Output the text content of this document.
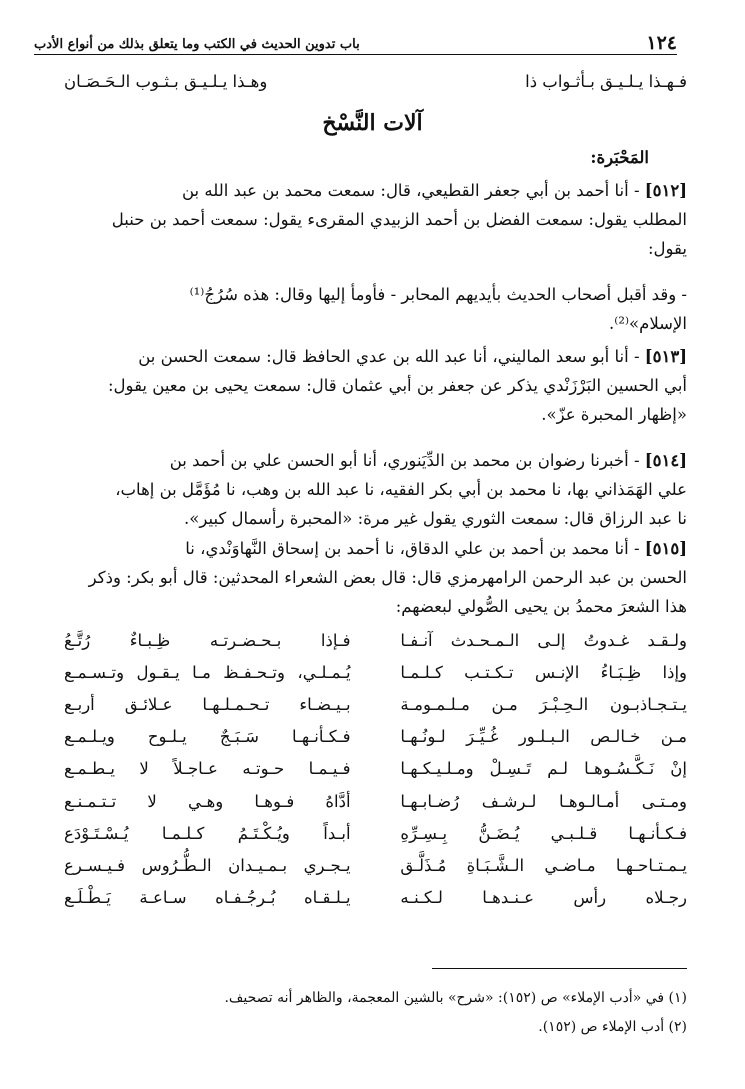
١٢٤
باب تدوين الحديث في الكتب وما يتعلق بذلك من أنواع الأدب
فـهـذا يـلـيـق بـأثـواب ذا
وهـذا يـلـيـق بـثـوب الـحَـصَـان
آلات النَّسْخ
المَحْبَرة:
[٥١٢] - أنا أحمد بن أبي جعفر القطيعي، قال: سمعت محمد بن عبد الله بن
المطلب يقول: سمعت الفضل بن أحمد الزبيدي المقرىء يقول: سمعت أحمد بن حنبل
يقول:
- وقد أقبل أصحاب الحديث بأيديهم المحابر - فأومأ إليها وقال: هذه سُرُجُ⁽¹⁾
الإسلام»⁽²⁾.
[٥١٣] - أنا أبو سعد الماليني، أنا عبد الله بن عدي الحافظ قال: سمعت الحسن بن
أبي الحسين البَرْزَنْدي يذكر عن جعفر بن أبي عثمان قال: سمعت يحيى بن معين يقول:
«إظهار المحبرة عزّ».
[٥١٤] - أخبرنا رضوان بن محمد بن الدِّيَنوري، أنا أبو الحسن علي بن أحمد بن
علي الهَمَذاني بها، نا محمد بن أبي بكر الفقيه، نا عبد الله بن وهب، نا مُؤَمَّل بن إهاب،
نا عبد الرزاق قال: سمعت الثوري يقول غير مرة: «المحبرة رأسمال كبير».
[٥١٥] - أنا محمد بن أحمد بن علي الدقاق، نا أحمد بن إسحاق النَّهاوَنْدي، نا
الحسن بن عبد الرحمن الرامهرمزي قال: قال بعض الشعراء المحدثين: قال أبو بكر: وذكر
هذا الشعرَ محمدُ بن يحيى الصُّولي لبعضهم:
ولـقـد غـدوتُ إلـى الـمـحـدث آنـفـا
فـإذا بـحـضـرتـه ظِـبـاءٌ رُتَّـعُ
وإذا ظِـبَـاءُ الإنـس تـكـتـب كـلـمـا
يُـمـلـي، وتـحـفـظ مـا يـقـول وتـسـمـع
يـتـجـاذبـون الـحِـبْـرَ مـن مـلـمـومـة
بـيـضـاء تـحـمـلـهـا عـلائـق أربـع
مـن خـالـص الـبـلـور غُـيِّـرَ لـونُـهـا
فـكـأنـهـا سَـبَـجٌ يـلـوح ويـلـمـع
إنْ نَـكَّـسُـوهـا لـم تَـسِـلْ ومـلـيـكـهـا
فـيـمـا حـوتـه عـاجـلاً لا يـطـمـع
ومـتـى أمـالـوهـا لـرشـف رُضـابـهـا
أدَّاهُ فـوهـا وهـي لا تـتـمـنـع
فـكـأنـهـا قـلـبـي يُـضَـنُّ بِـسِـرِّهِ
أبـداً ويُـكْـتَـمُ كـلـمـا يُـسْـتَـوْدَع
يـمـتـاحـهـا مـاضـي الـشَّـبَـاةِ مُـذَلَّـق
يـجـري بـمـيـدان الـطُّـرُوس فـيـسـرع
رجـلاه رأس عـنـدهـا لـكـنـه
يـلـقـاه بُـرجُـفـاه سـاعـة يَـطْـلَـع
(١) في «أدب الإملاء» ص (١٥٢): «شرح» بالشين المعجمة، والظاهر أنه تصحيف.
(٢) أدب الإملاء ص (١٥٢).
